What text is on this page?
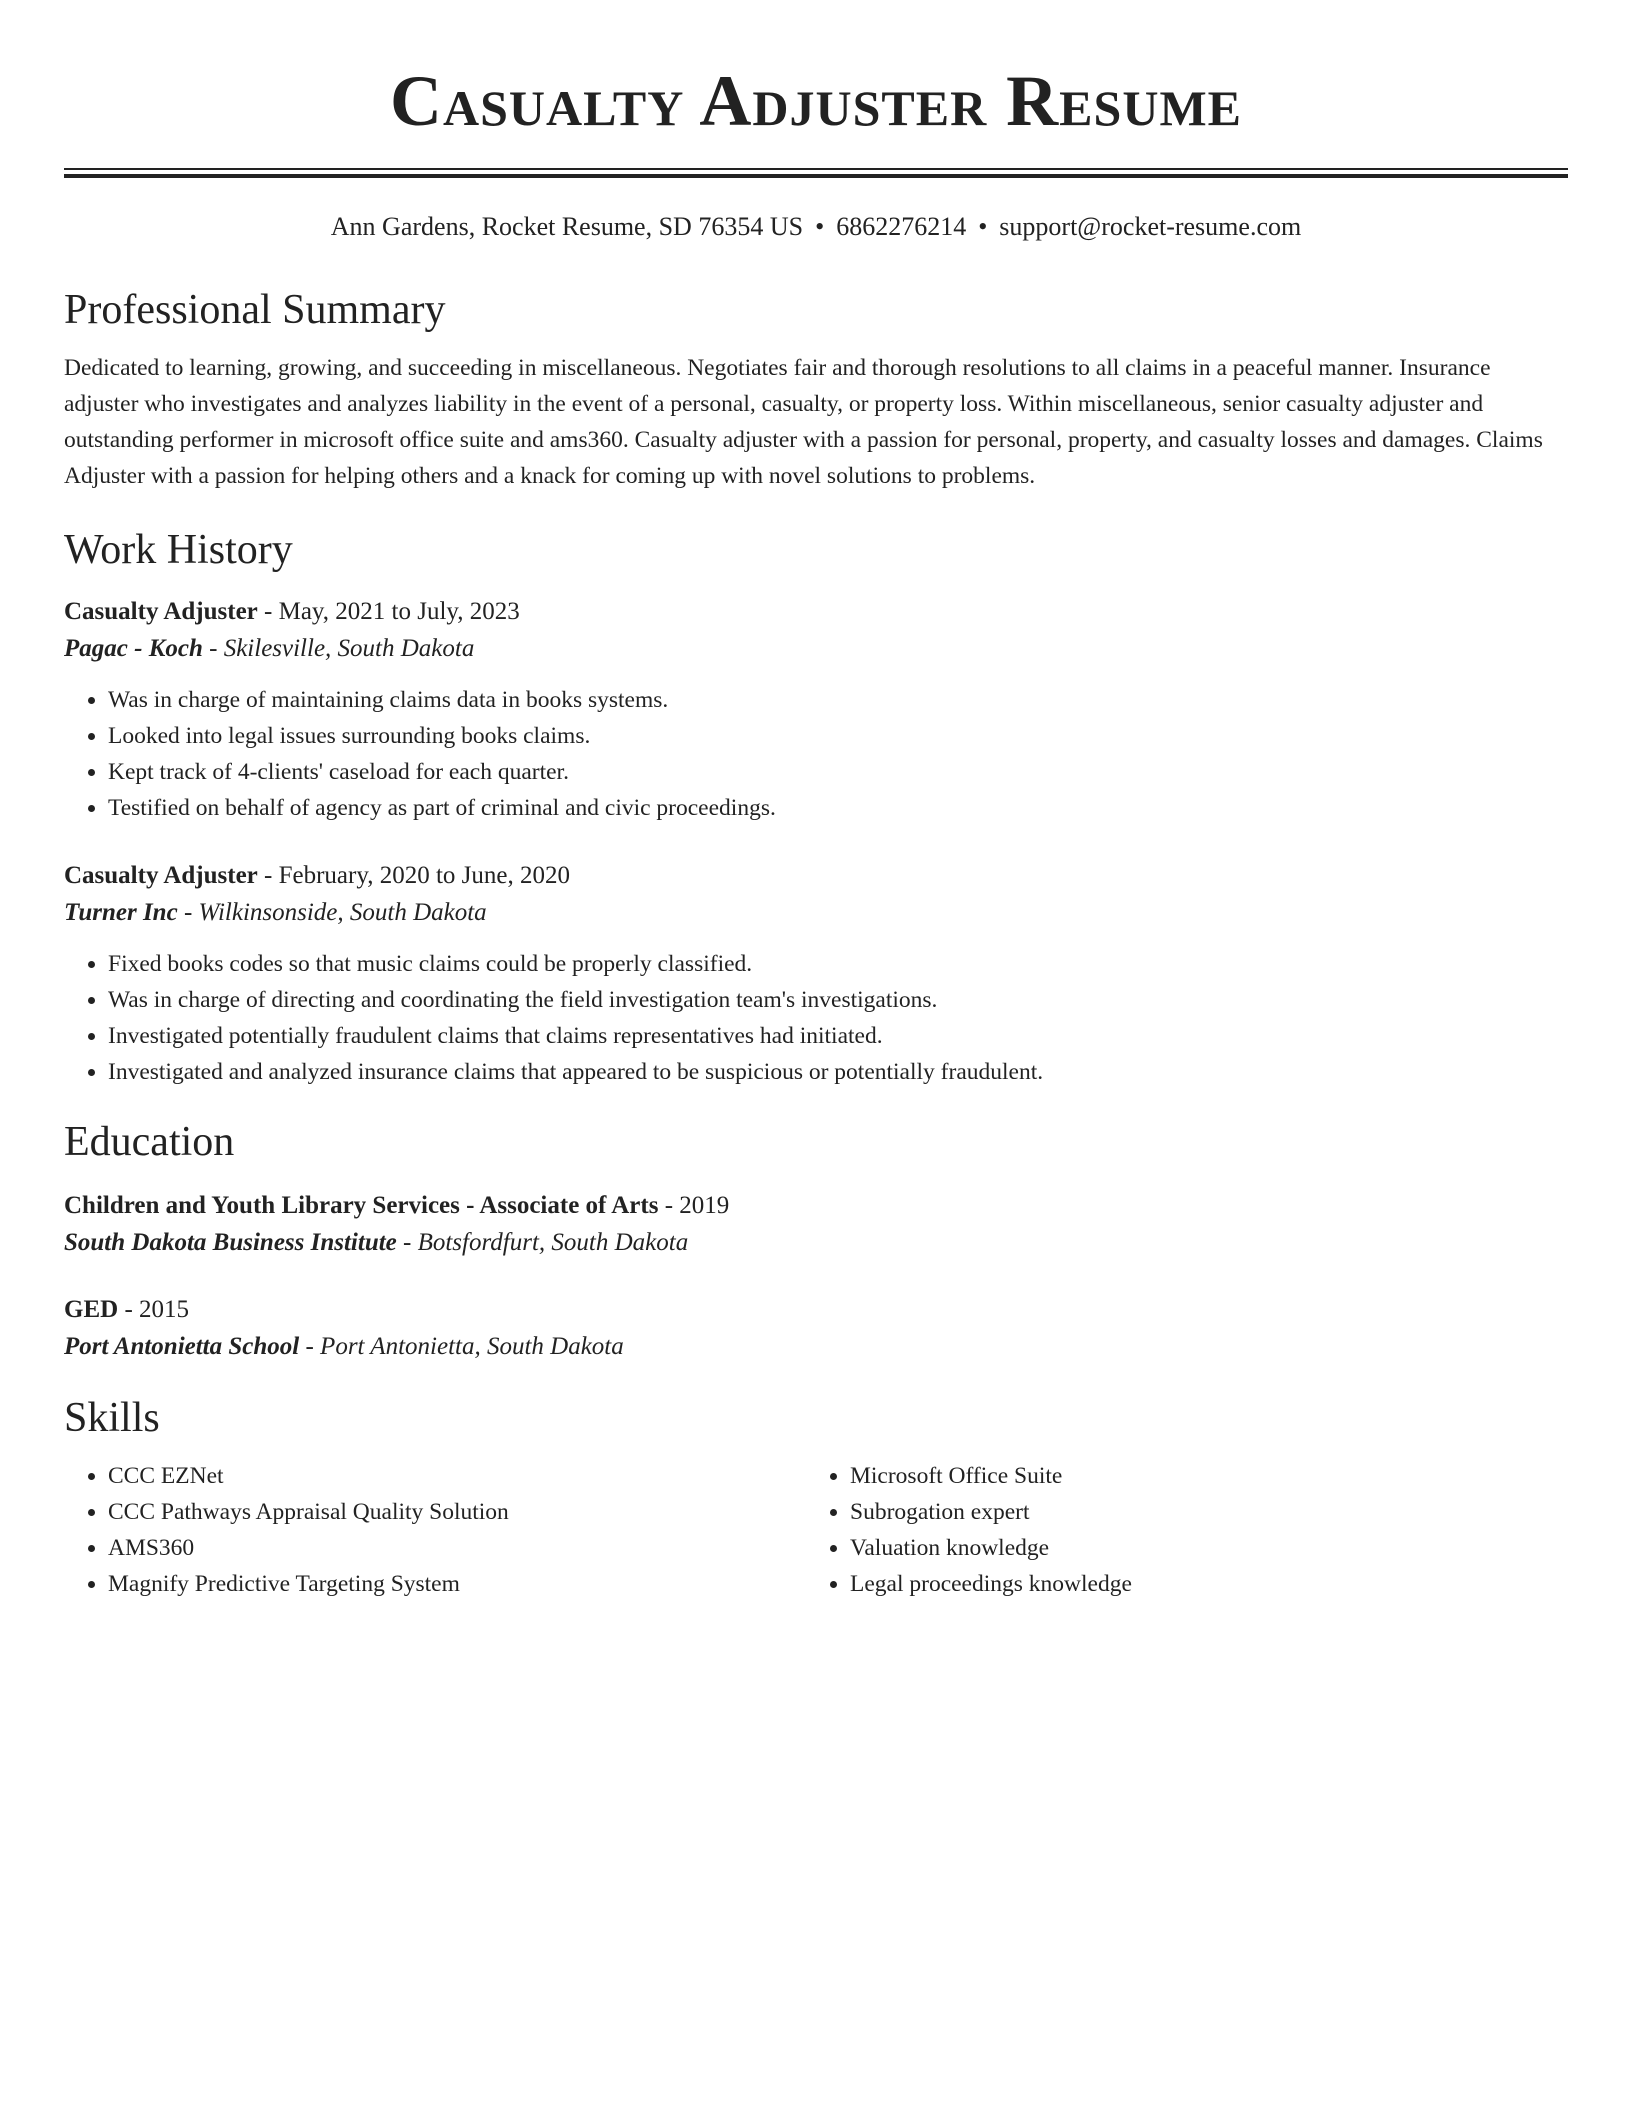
Casualty Adjuster Resume
Ann Gardens, Rocket Resume, SD 76354 US • 6862276214 • support@rocket-resume.com
Professional Summary

Dedicated to learning, growing, and succeeding in miscellaneous. Negotiates fair and thorough resolutions to all claims in a peaceful manner. Insurance adjuster who investigates and analyzes liability in the event of a personal, casualty, or property loss. Within miscellaneous, senior casualty adjuster and outstanding performer in microsoft office suite and ams360. Casualty adjuster with a passion for personal, property, and casualty losses and damages. Claims Adjuster with a passion for helping others and a knack for coming up with novel solutions to problems.

Work History
Casualty Adjuster - May, 2021 to July, 2023
Pagac - Koch - Skilesville, South Dakota
• Was in charge of maintaining claims data in books systems.
• Looked into legal issues surrounding books claims.
• Kept track of 4-clients' caseload for each quarter.
• Testified on behalf of agency as part of criminal and civic proceedings.
Casualty Adjuster - February, 2020 to June, 2020
Turner Inc - Wilkinsonside, South Dakota
• Fixed books codes so that music claims could be properly classified.
• Was in charge of directing and coordinating the field investigation team's investigations.
• Investigated potentially fraudulent claims that claims representatives had initiated.
• Investigated and analyzed insurance claims that appeared to be suspicious or potentially fraudulent.
Education
Children and Youth Library Services - Associate of Arts - 2019
South Dakota Business Institute - Botsfordfurt, South Dakota
GED - 2015
Port Antonietta School - Port Antonietta, South Dakota
Skills
• CCC EZNet
• CCC Pathways Appraisal Quality Solution
• AMS360
• Magnify Predictive Targeting System
• Microsoft Office Suite
• Subrogation expert
• Valuation knowledge
• Legal proceedings knowledge
